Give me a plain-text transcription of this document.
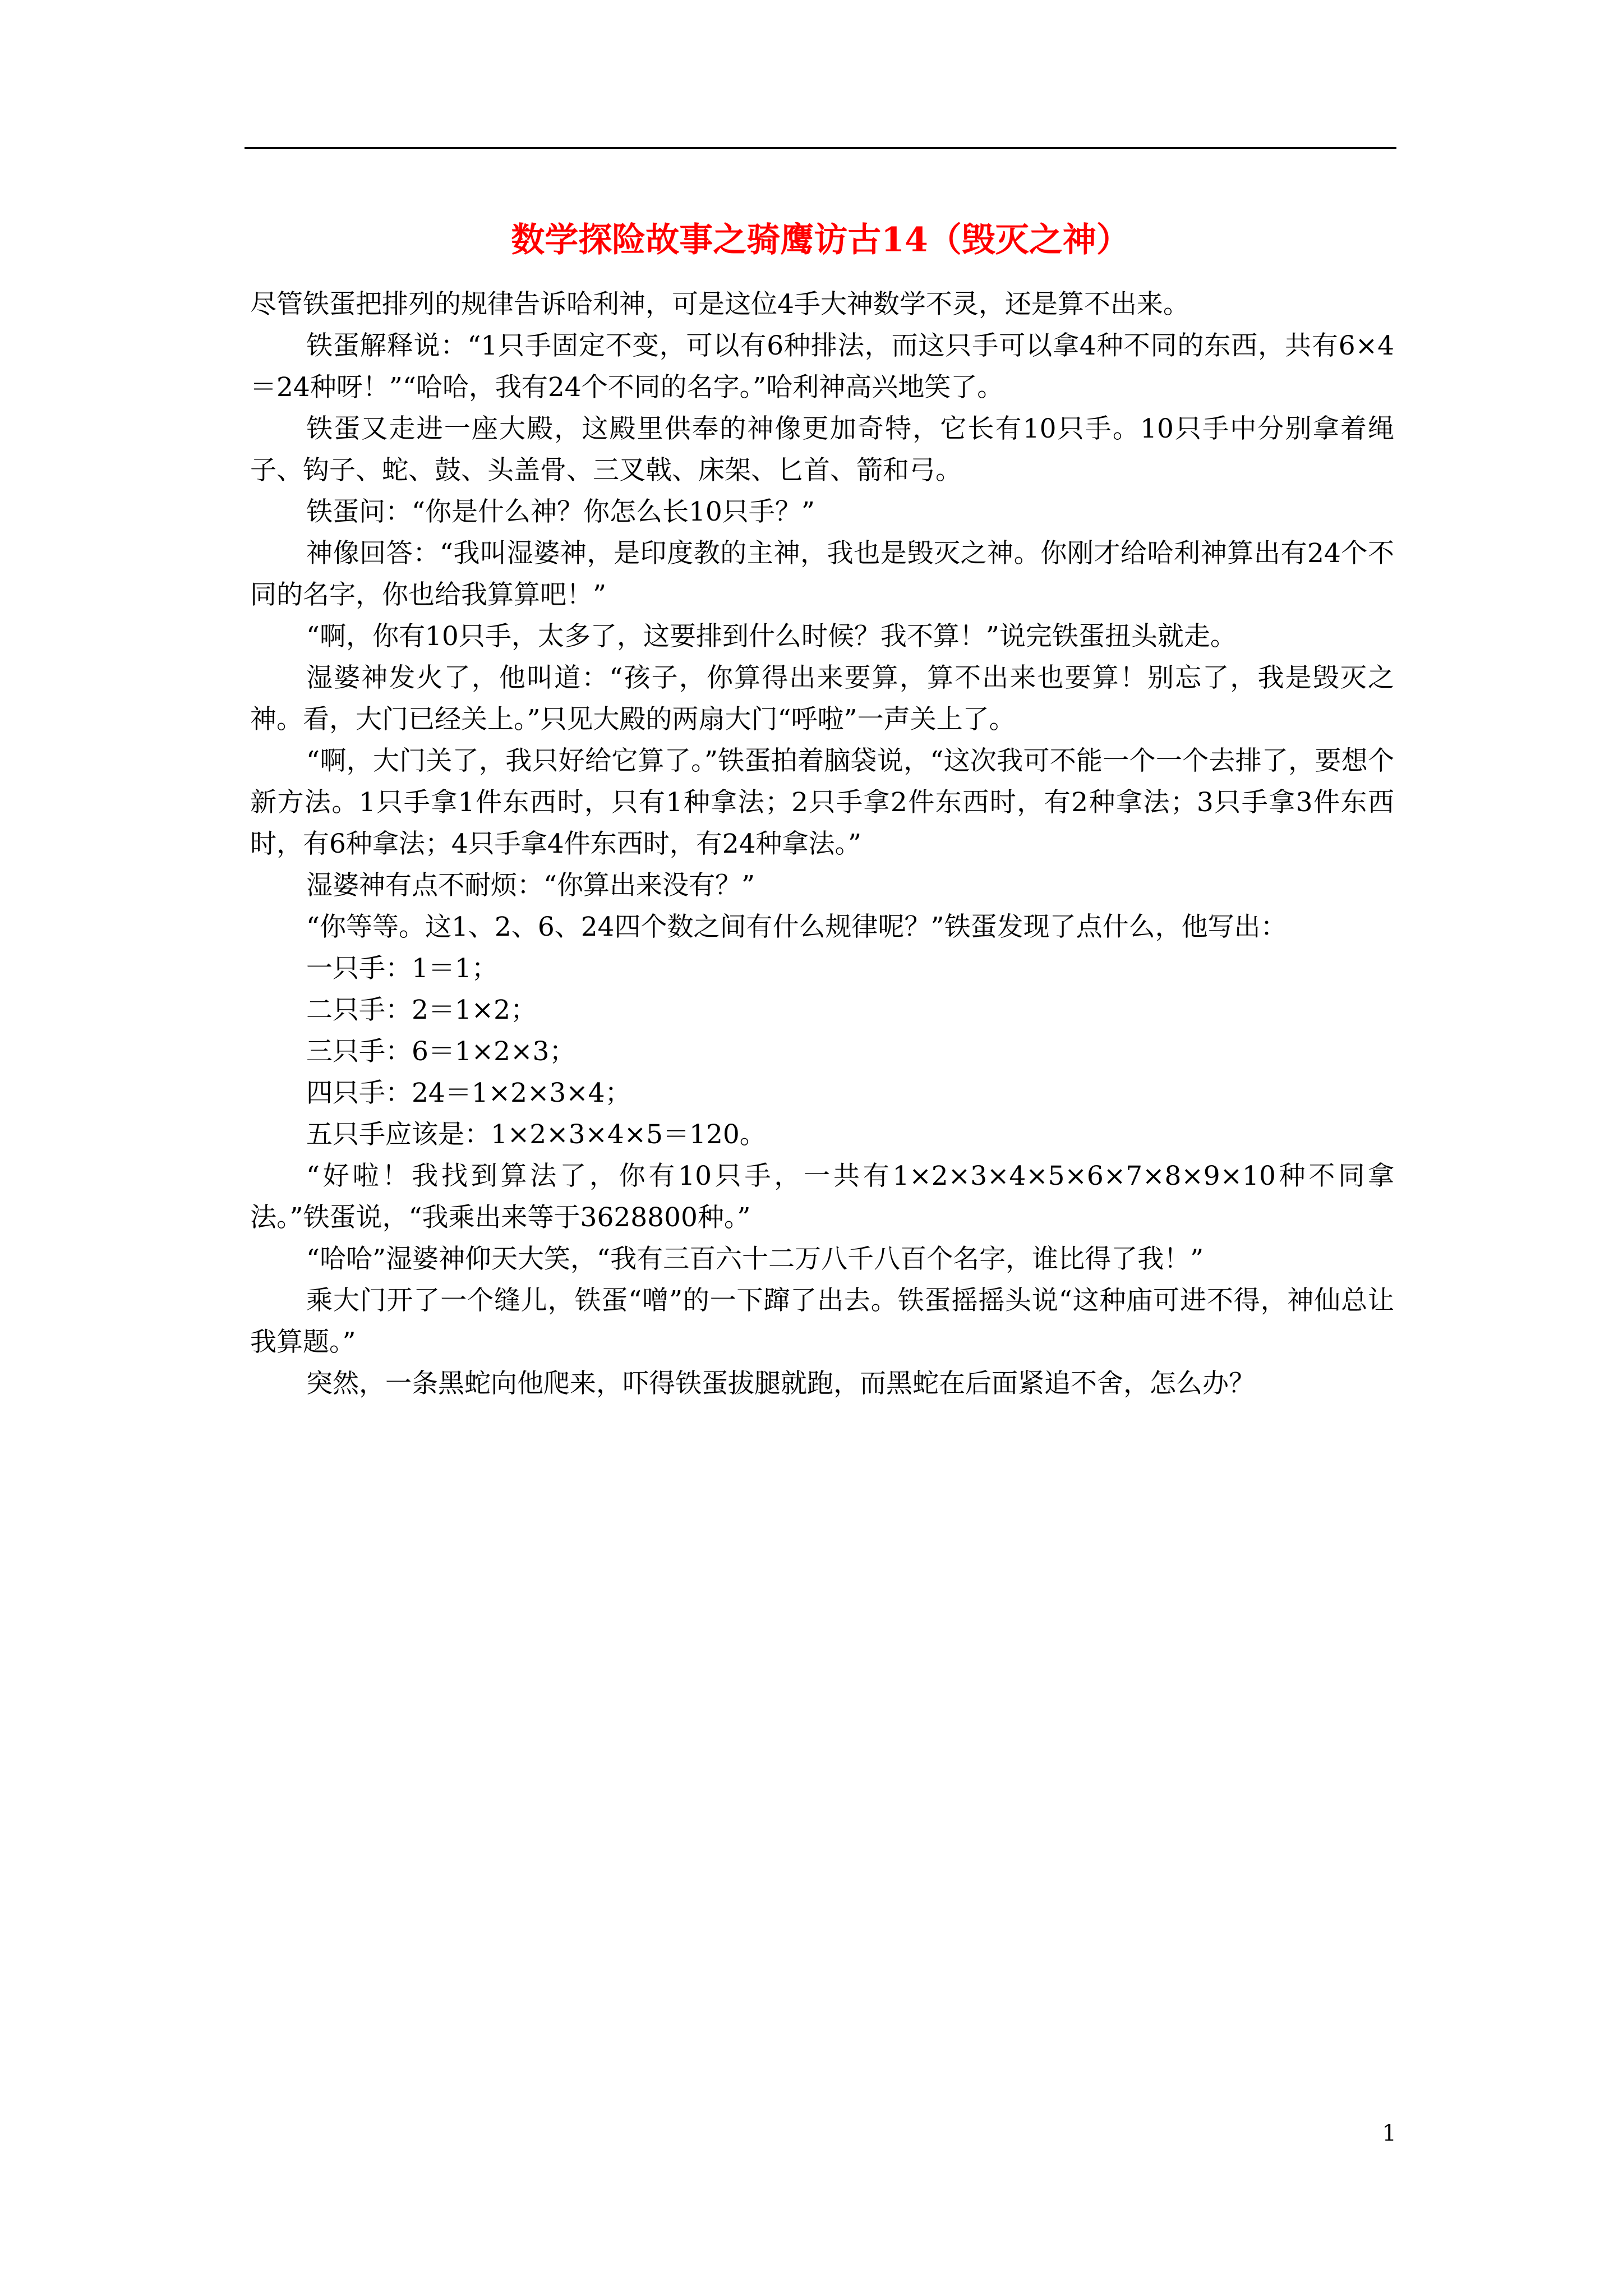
数学探险故事之骑鹰访古14（毁灭之神）

尽管铁蛋把排列的规律告诉哈利神，可是这位4手大神数学不灵，还是算不出来。

铁蛋解释说：“1只手固定不变，可以有6种排法，而这只手可以拿4种不同的东西，共有6×4＝24种呀！”“哈哈，我有24个不同的名字。”哈利神高兴地笑了。

铁蛋又走进一座大殿，这殿里供奉的神像更加奇特，它长有10只手。10只手中分别拿着绳子、钩子、蛇、鼓、头盖骨、三叉戟、床架、匕首、箭和弓。

铁蛋问：“你是什么神？你怎么长10只手？”

神像回答：“我叫湿婆神，是印度教的主神，我也是毁灭之神。你刚才给哈利神算出有24个不同的名字，你也给我算算吧！”

“啊，你有10只手，太多了，这要排到什么时候？我不算！”说完铁蛋扭头就走。

湿婆神发火了，他叫道：“孩子，你算得出来要算，算不出来也要算！别忘了，我是毁灭之神。看，大门已经关上。”只见大殿的两扇大门“呼啦”一声关上了。

“啊，大门关了，我只好给它算了。”铁蛋拍着脑袋说，“这次我可不能一个一个去排了，要想个新方法。1只手拿1件东西时，只有1种拿法；2只手拿2件东西时，有2种拿法；3只手拿3件东西时，有6种拿法；4只手拿4件东西时，有24种拿法。”

湿婆神有点不耐烦：“你算出来没有？”

“你等等。这1、2、6、24四个数之间有什么规律呢？”铁蛋发现了点什么，他写出：

一只手：1＝1；

二只手：2＝1×2；

三只手：6＝1×2×3；

四只手：24＝1×2×3×4；

五只手应该是：1×2×3×4×5＝120。

“好啦！我找到算法了，你有10只手，一共有1×2×3×4×5×6×7×8×9×10种不同拿法。”铁蛋说，“我乘出来等于3628800种。”

“哈哈”湿婆神仰天大笑，“我有三百六十二万八千八百个名字，谁比得了我！”

乘大门开了一个缝儿，铁蛋“噌”的一下蹿了出去。铁蛋摇摇头说“这种庙可进不得，神仙总让我算题。”

突然，一条黑蛇向他爬来，吓得铁蛋拔腿就跑，而黑蛇在后面紧追不舍，怎么办？

1
